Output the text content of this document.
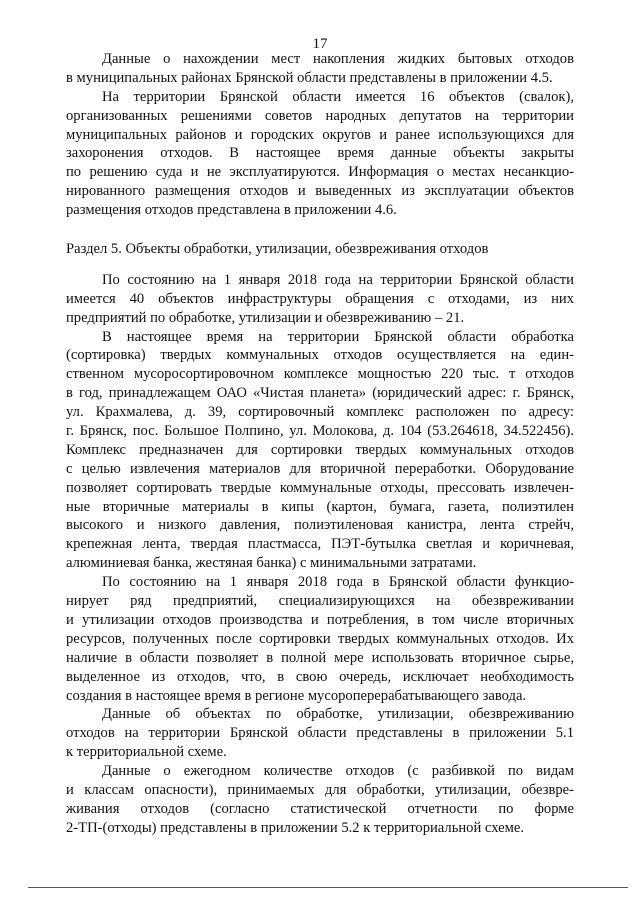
17
Данные о нахождении мест накопления жидких бытовых отходов
в муниципальных районах Брянской области представлены в приложении 4.5.
На территории Брянской области имеется 16 объектов (свалок),
организованных решениями советов народных депутатов на территории
муниципальных районов и городских округов и ранее использующихся для
захоронения отходов. В настоящее время данные объекты закрыты
по решению суда и не эксплуатируются. Информация о местах несанкцио-
нированного размещения отходов и выведенных из эксплуатации объектов
размещения отходов представлена в приложении 4.6.
Раздел 5. Объекты обработки, утилизации, обезвреживания отходов
По состоянию на 1 января 2018 года на территории Брянской области
имеется 40 объектов инфраструктуры обращения с отходами, из них
предприятий по обработке, утилизации и обезвреживанию – 21.
В настоящее время на территории Брянской области обработка
(сортировка) твердых коммунальных отходов осуществляется на един-
ственном мусоросортировочном комплексе мощностью 220 тыс. т отходов
в год, принадлежащем ОАО «Чистая планета» (юридический адрес: г. Брянск,
ул. Крахмалева, д. 39, сортировочный комплекс расположен по адресу:
г. Брянск, пос. Большое Полпино, ул. Молокова, д. 104 (53.264618, 34.522456).
Комплекс предназначен для сортировки твердых коммунальных отходов
с целью извлечения материалов для вторичной переработки. Оборудование
позволяет сортировать твердые коммунальные отходы, прессовать извлечен-
ные вторичные материалы в кипы (картон, бумага, газета, полиэтилен
высокого и низкого давления, полиэтиленовая канистра, лента стрейч,
крепежная лента, твердая пластмасса, ПЭТ-бутылка светлая и коричневая,
алюминиевая банка, жестяная банка) с минимальными затратами.
По состоянию на 1 января 2018 года в Брянской области функцио-
нирует ряд предприятий, специализирующихся на обезвреживании
и утилизации отходов производства и потребления, в том числе вторичных
ресурсов, полученных после сортировки твердых коммунальных отходов. Их
наличие в области позволяет в полной мере использовать вторичное сырье,
выделенное из отходов, что, в свою очередь, исключает необходимость
создания в настоящее время в регионе мусороперерабатывающего завода.
Данные об объектах по обработке, утилизации, обезвреживанию
отходов на территории Брянской области представлены в приложении 5.1
к территориальной схеме.
Данные о ежегодном количестве отходов (с разбивкой по видам
и классам опасности), принимаемых для обработки, утилизации, обезвре-
живания отходов (согласно статистической отчетности по форме
2-ТП-(отходы) представлены в приложении 5.2 к территориальной схеме.
